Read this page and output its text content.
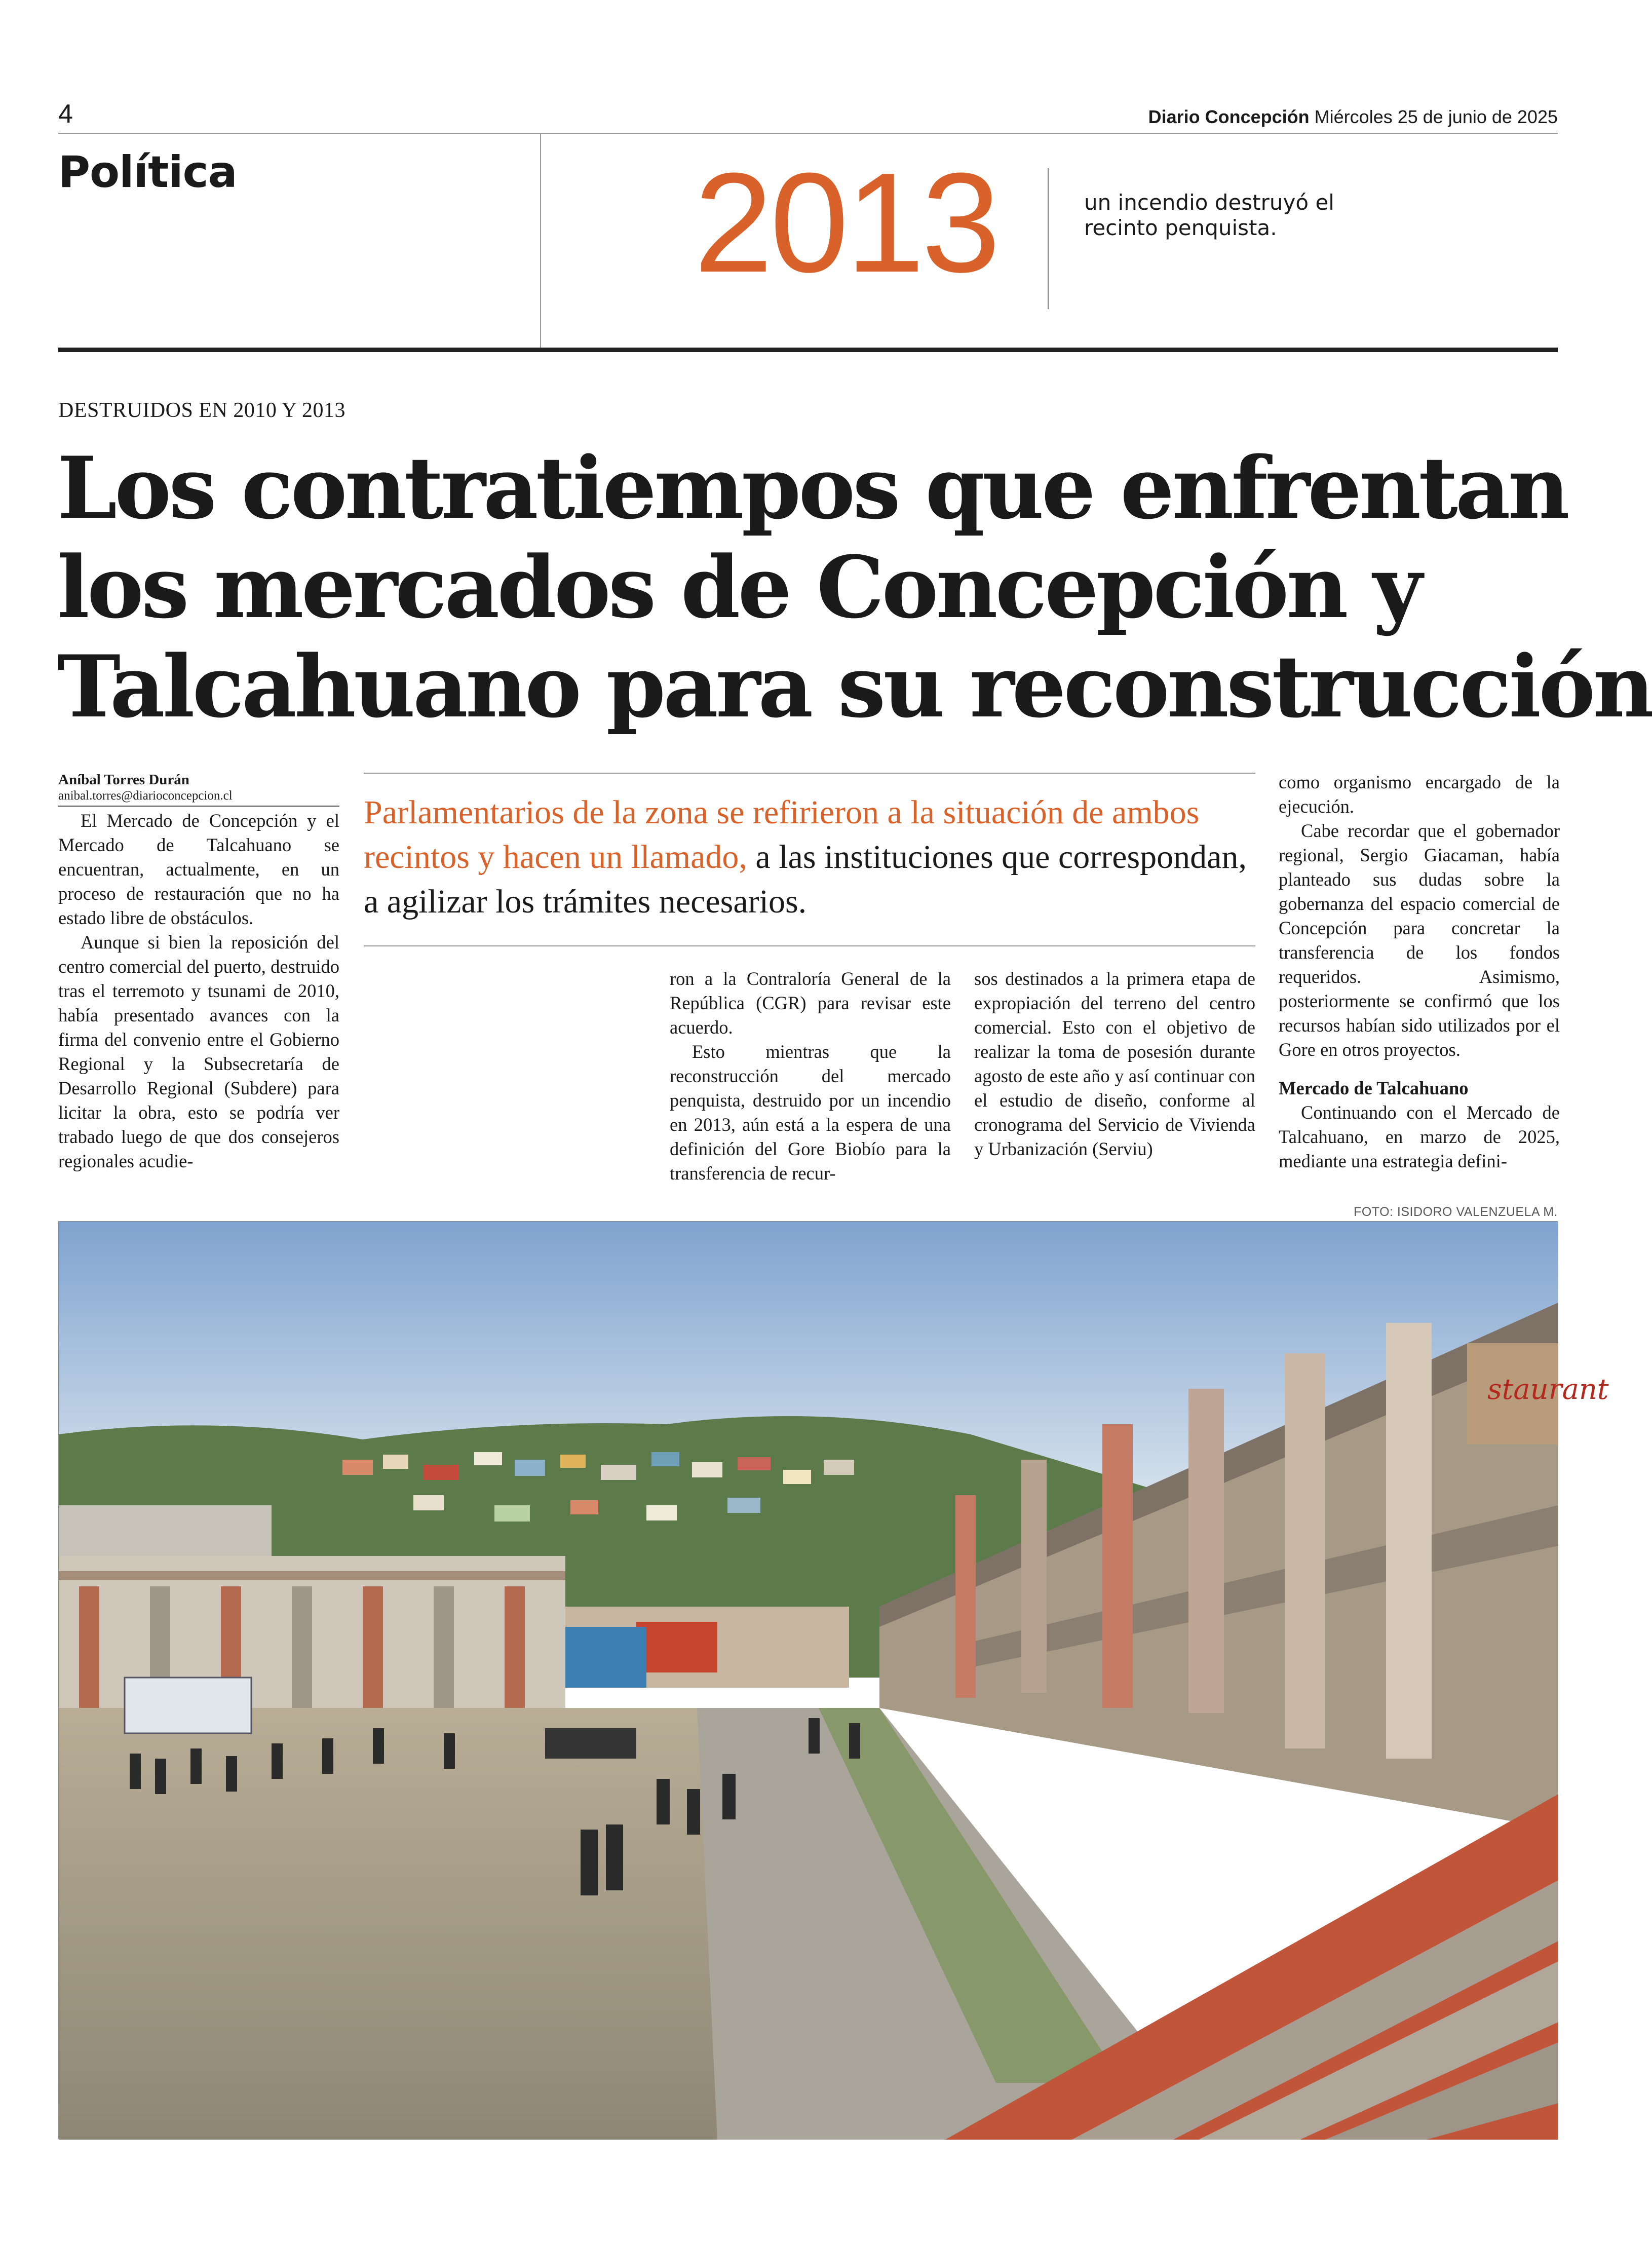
4	Diario Concepción Miércoles 25 de junio de 2025
Política	2013	un incendio destruyó el recinto penquista.
DESTRUIDOS EN 2010 Y 2013
Los contratiempos que enfrentan
los mercados de Concepción y
Talcahuano para su reconstrucción
Aníbal Torres Durán
anibal.torres@diarioconcepcion.cl

El Mercado de Concepción y el Mercado de Talcahuano se encuentran, actualmente, en un proceso de restauración que no ha estado libre de obstáculos.

Aunque si bien la reposición del centro comercial del puerto, destruido tras el terremoto y tsunami de 2010, había presentado avances con la firma del convenio entre el Gobierno Regional y la Subsecretaría de Desarrollo Regional (Subdere) para licitar la obra, esto se podría ver trabado luego de que dos consejeros regionales acudie-

Parlamentarios de la zona se refirieron a la situación de ambos recintos y hacen un llamado, a las instituciones que correspondan, a agilizar los trámites necesarios.

ron a la Contraloría General de la República (CGR) para revisar este acuerdo.

Esto mientras que la reconstrucción del mercado penquista, destruido por un incendio en 2013, aún está a la espera de una definición del Gore Biobío para la transferencia de recur-

sos destinados a la primera etapa de expropiación del terreno del centro comercial. Esto con el objetivo de realizar la toma de posesión durante agosto de este año y así continuar con el estudio de diseño, conforme al cronograma del Servicio de Vivienda y Urbanización (Serviu)

como organismo encargado de la ejecución.

Cabe recordar que el gobernador regional, Sergio Giacaman, había planteado sus dudas sobre la gobernanza del espacio comercial de Concepción para concretar la transferencia de los fondos requeridos. Asimismo, posteriormente se confirmó que los recursos habían sido utilizados por el Gore en otros proyectos.

Mercado de Talcahuano

Continuando con el Mercado de Talcahuano, en marzo de 2025, mediante una estrategia defini-

FOTO: ISIDORO VALENZUELA M.
staurant
